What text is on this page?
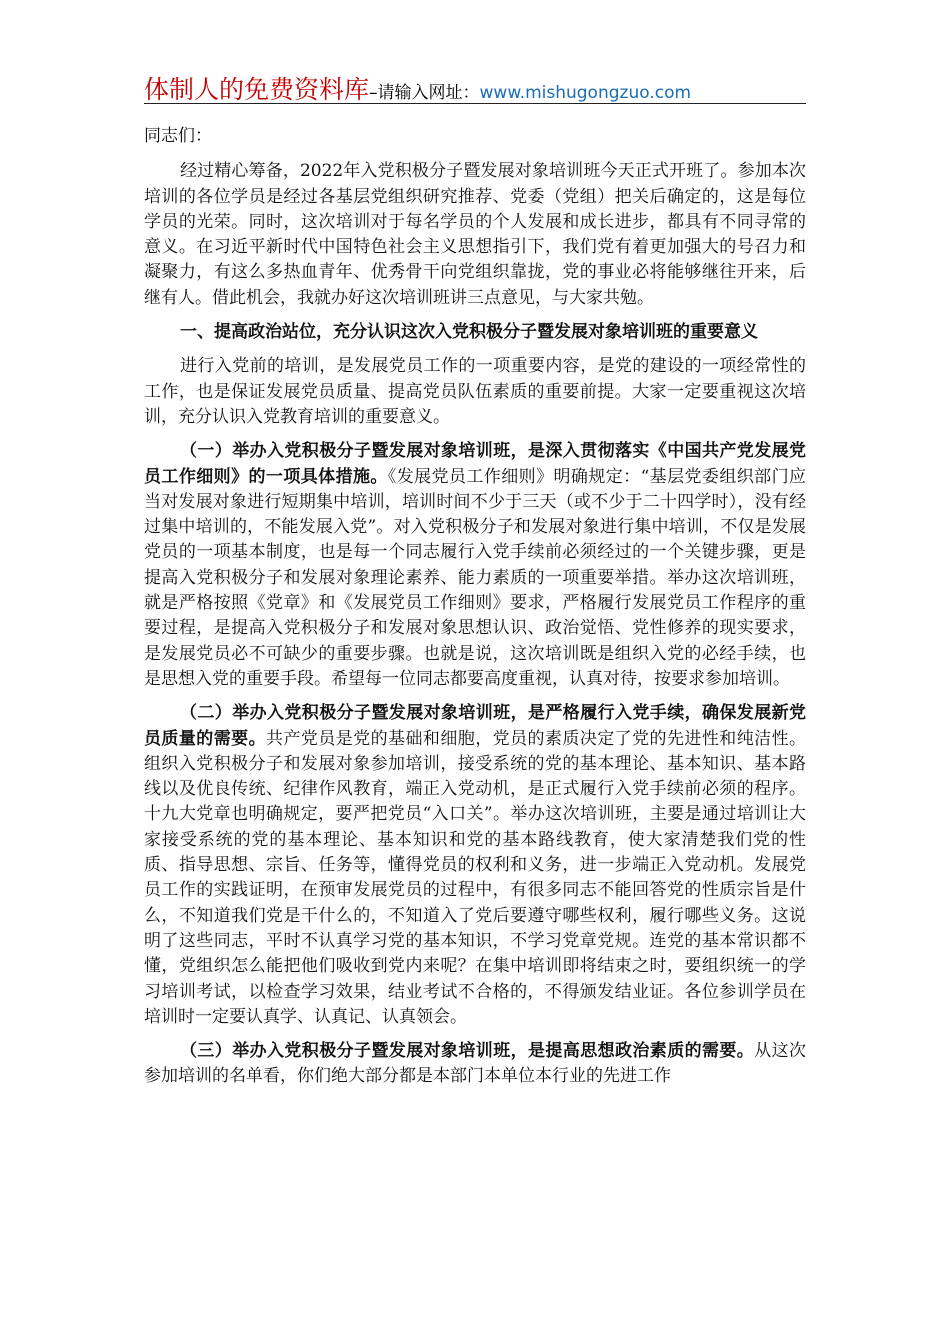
体制人的免费资料库–请输入网址：www.mishugongzuo.com

同志们：

经过精心筹备，2022年入党积极分子暨发展对象培训班今天正式开班了。参加本次培训的各位学员是经过各基层党组织研究推荐、党委（党组）把关后确定的，这是每位学员的光荣。同时，这次培训对于每名学员的个人发展和成长进步，都具有不同寻常的意义。在习近平新时代中国特色社会主义思想指引下，我们党有着更加强大的号召力和凝聚力，有这么多热血青年、优秀骨干向党组织靠拢，党的事业必将能够继往开来，后继有人。借此机会，我就办好这次培训班讲三点意见，与大家共勉。

一、提高政治站位，充分认识这次入党积极分子暨发展对象培训班的重要意义

进行入党前的培训，是发展党员工作的一项重要内容，是党的建设的一项经常性的工作，也是保证发展党员质量、提高党员队伍素质的重要前提。大家一定要重视这次培训，充分认识入党教育培训的重要意义。

（一）举办入党积极分子暨发展对象培训班，是深入贯彻落实《中国共产党发展党员工作细则》的一项具体措施。《发展党员工作细则》明确规定：“基层党委组织部门应当对发展对象进行短期集中培训，培训时间不少于三天（或不少于二十四学时），没有经过集中培训的，不能发展入党”。对入党积极分子和发展对象进行集中培训，不仅是发展党员的一项基本制度，也是每一个同志履行入党手续前必须经过的一个关键步骤，更是提高入党积极分子和发展对象理论素养、能力素质的一项重要举措。举办这次培训班，就是严格按照《党章》和《发展党员工作细则》要求，严格履行发展党员工作程序的重要过程，是提高入党积极分子和发展对象思想认识、政治觉悟、党性修养的现实要求，是发展党员必不可缺少的重要步骤。也就是说，这次培训既是组织入党的必经手续，也是思想入党的重要手段。希望每一位同志都要高度重视，认真对待，按要求参加培训。

（二）举办入党积极分子暨发展对象培训班，是严格履行入党手续，确保发展新党员质量的需要。共产党员是党的基础和细胞，党员的素质决定了党的先进性和纯洁性。组织入党积极分子和发展对象参加培训，接受系统的党的基本理论、基本知识、基本路线以及优良传统、纪律作风教育，端正入党动机，是正式履行入党手续前必须的程序。十九大党章也明确规定，要严把党员“入口关”。举办这次培训班，主要是通过培训让大家接受系统的党的基本理论、基本知识和党的基本路线教育，使大家清楚我们党的性质、指导思想、宗旨、任务等，懂得党员的权利和义务，进一步端正入党动机。发展党员工作的实践证明，在预审发展党员的过程中，有很多同志不能回答党的性质宗旨是什么，不知道我们党是干什么的，不知道入了党后要遵守哪些权利，履行哪些义务。这说明了这些同志，平时不认真学习党的基本知识，不学习党章党规。连党的基本常识都不懂，党组织怎么能把他们吸收到党内来呢？在集中培训即将结束之时，要组织统一的学习培训考试，以检查学习效果，结业考试不合格的，不得颁发结业证。各位参训学员在培训时一定要认真学、认真记、认真领会。

（三）举办入党积极分子暨发展对象培训班，是提高思想政治素质的需要。从这次参加培训的名单看，你们绝大部分都是本部门本单位本行业的先进工作
